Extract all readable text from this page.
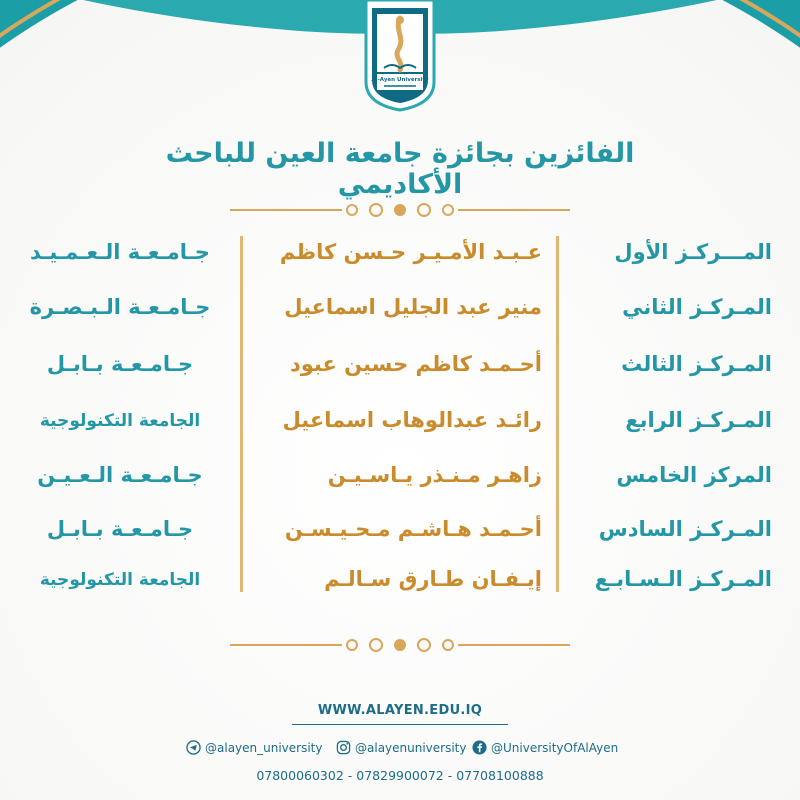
Al-Ayen University
الفائزين بجائزة جامعة العين للباحث الأكاديمي
المـــركـز الأول
عـبـد الأمـيـر حـسن كاظم
جـامـعـة الـعـمـيـد
المـركـز الثاني
منير عبد الجليل اسماعيل
جـامـعـة الـبـصـرة
المـركـز الثالث
أحـمـد كاظم حسين عبود
جـامـعـة بـابـل
المـركـز الرابع
رائـد عبدالوهاب اسماعيل
الجامعة التكنولوجية
المركز الخامس
زاهـر مـنـذر يـاسـيـن
جـامـعـة الـعـيـن
المـركـز السادس
أحـمـد هـاشـم مـحـيـسـن
جـامـعـة بـابـل
المـركـز الـسـابـع
إيـفـان طـارق سـالـم
الجامعة التكنولوجية
WWW.ALAYEN.EDU.IQ
@alayen_university	@alayenuniversity @UniversityOfAlAyen
07800060302 - 07829900072 - 07708100888
